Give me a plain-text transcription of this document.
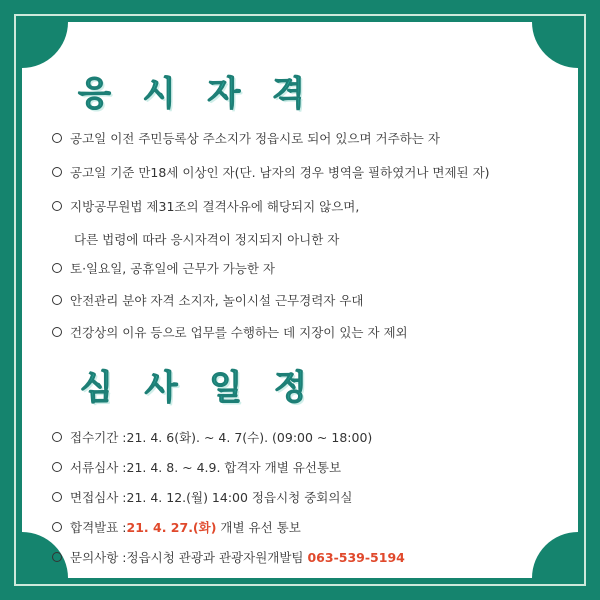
응 시 자 격
공고일 이전 주민등록상 주소지가 정읍시로 되어 있으며 거주하는 자
공고일 기준 만18세 이상인 자(단. 남자의 경우 병역을 필하였거나 면제된 자)
지방공무원법 제31조의 결격사유에 해당되지 않으며,
다른 법령에 따라 응시자격이 정지되지 아니한 자
토·일요일, 공휴일에 근무가 가능한 자
안전관리 분야 자격 소지자, 놀이시설 근무경력자 우대
건강상의 이유 등으로 업무를 수행하는 데 지장이 있는 자 제외
심 사 일 정
접수기간 : 21. 4. 6(화). ~ 4. 7(수). (09:00 ~ 18:00)
서류심사 : 21. 4. 8. ~ 4.9. 합격자 개별 유선통보
면접심사 : 21. 4. 12.(월) 14:00 정읍시청 중회의실
합격발표 : 21. 4. 27.(화) 개별 유선 통보
문의사항 : 정읍시청 관광과 관광자원개발팀 063-539-5194
